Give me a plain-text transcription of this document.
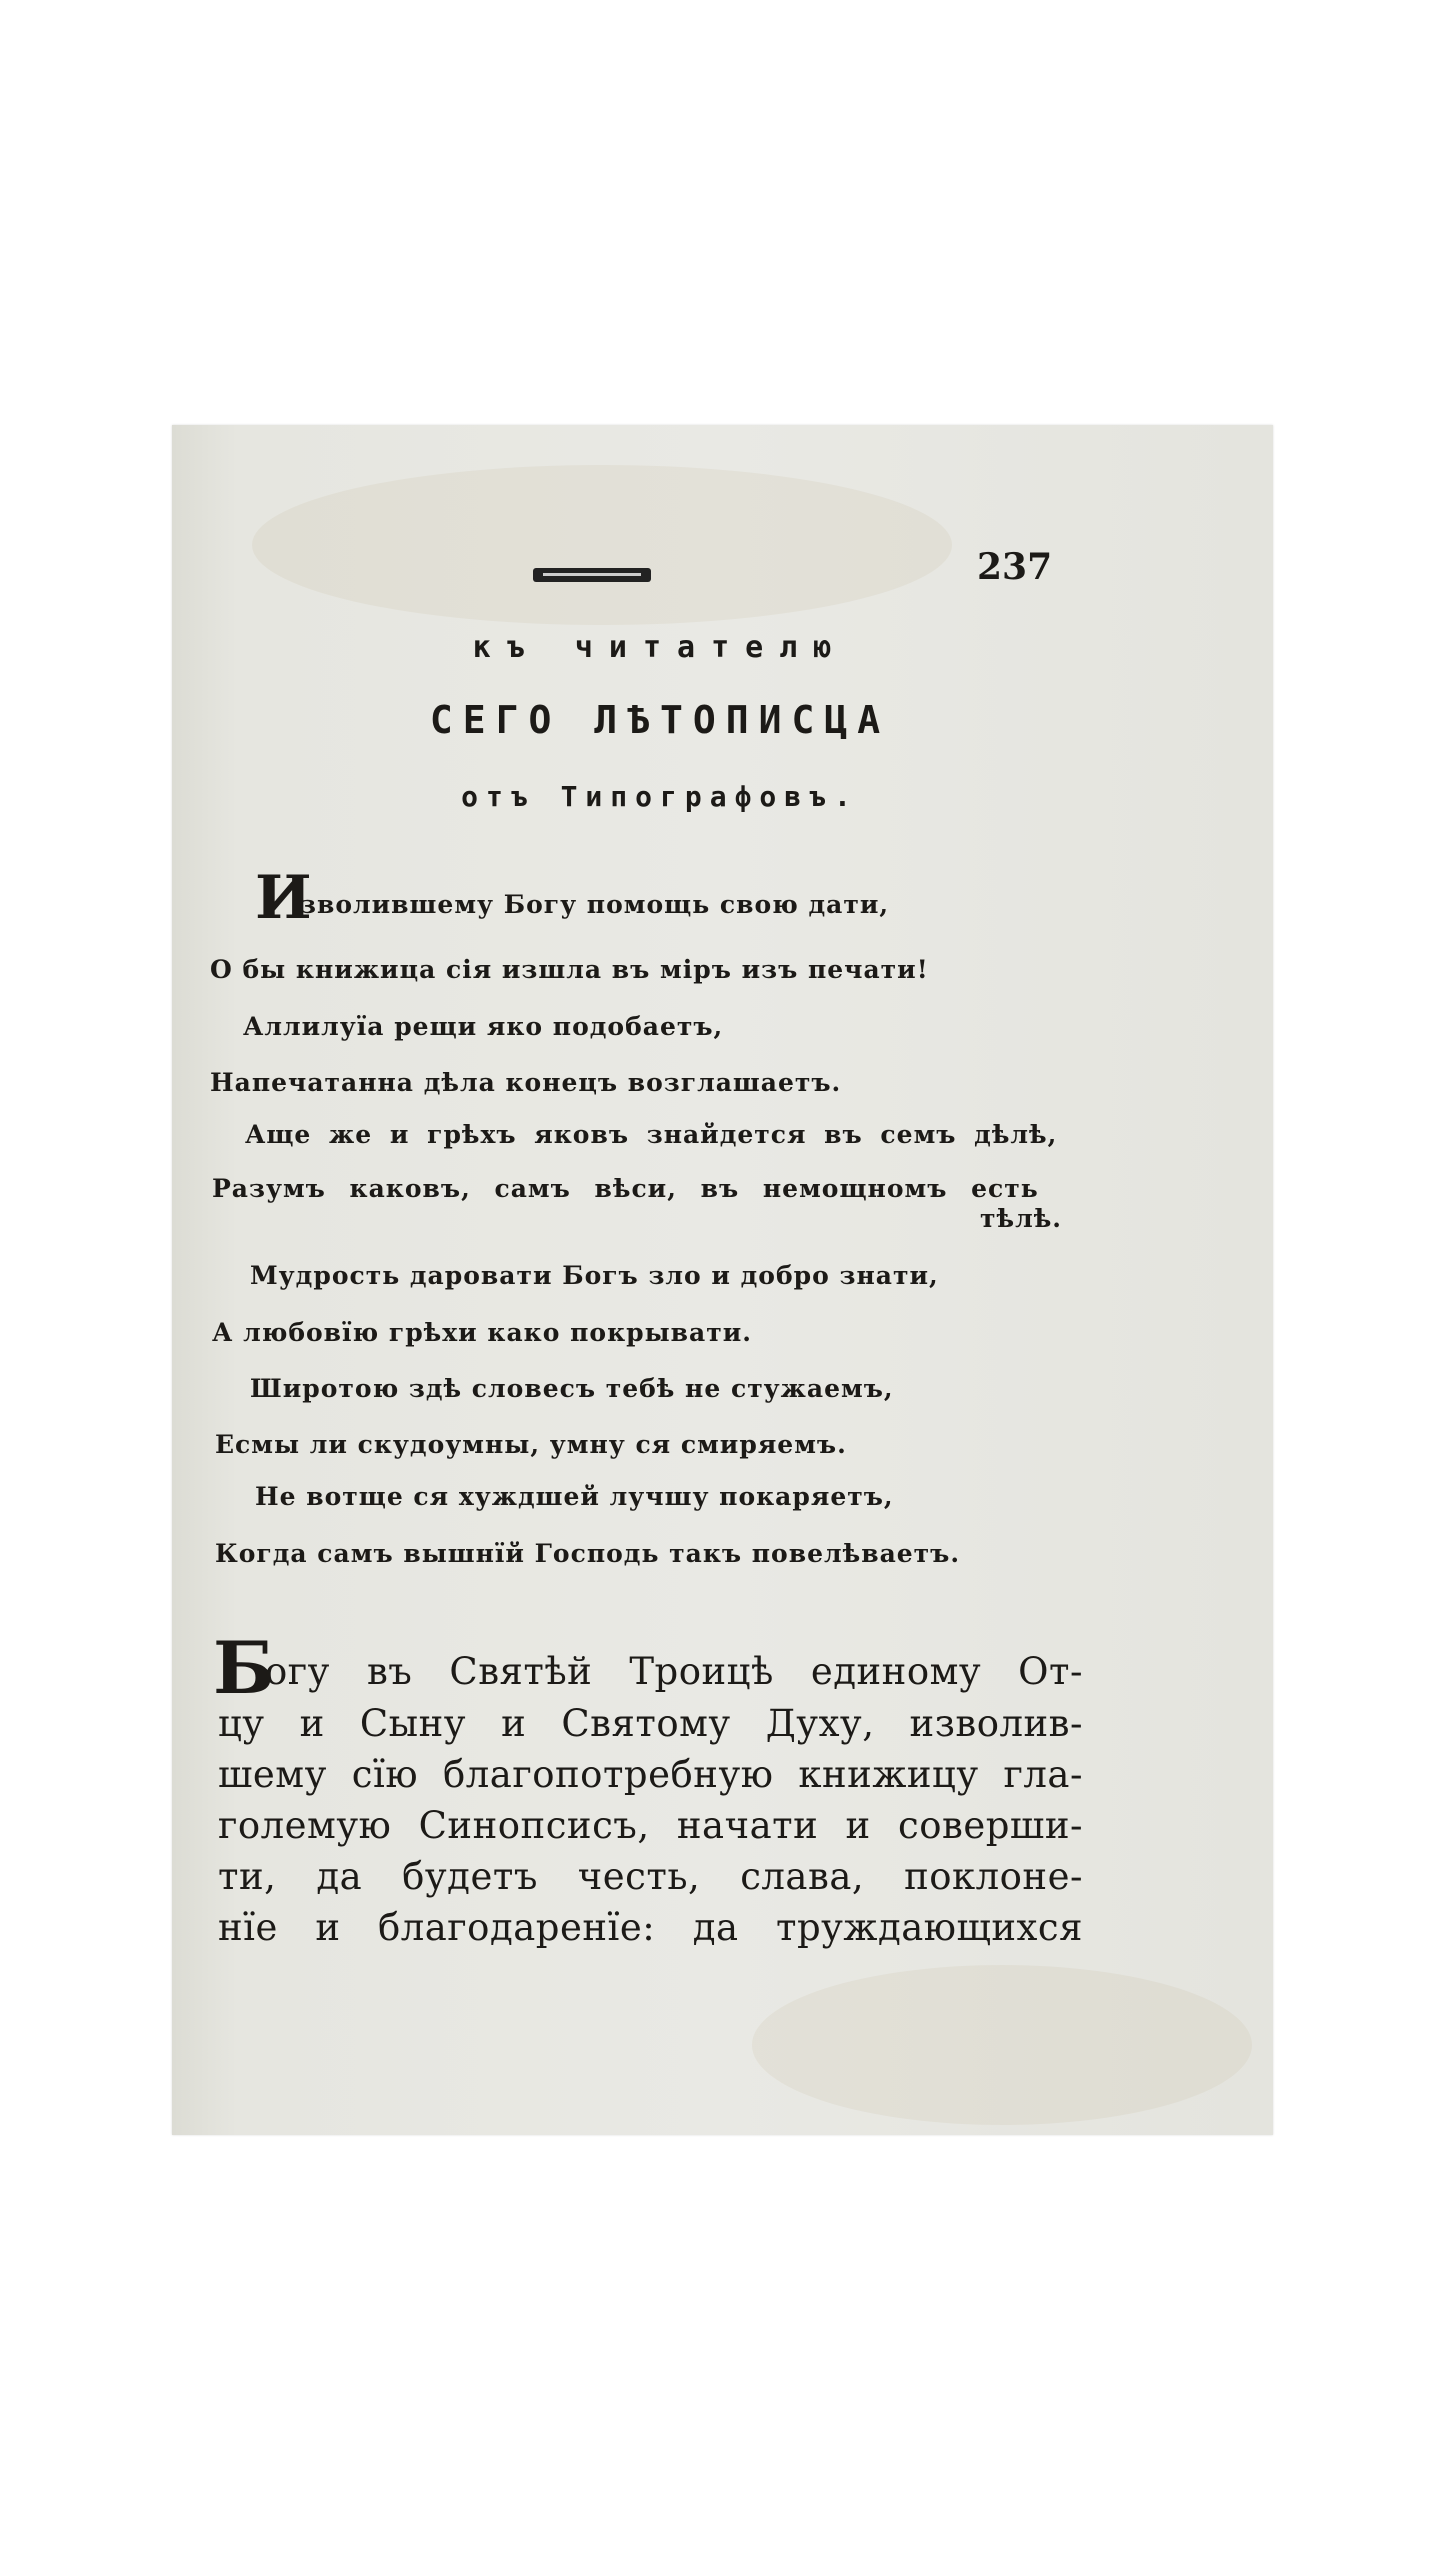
237
къ читателю
СЕГО ЛѢТОПИСЦА
отъ Типографовъ.
И
зволившему Богу помощь свою дати,
О бы книжица сія изшла въ міръ изъ печати!
Аллилуїа рещи яко подобаетъ,
Напечатанна дѣла конецъ возглашаетъ.
Аще же и грѣхъ яковъ знайдется въ семъ дѣлѣ,
Разумъ каковъ, самъ вѣси, въ немощномъ есть
тѣлѣ.
Мудрость даровати Богъ зло и добро знати,
А любовїю грѣхи како покрывати.
Широтою здѣ словесъ тебѣ не стужаемъ,
Есмы ли скудоумны, умну ся смиряемъ.
Не вотще ся хуждшей лучшу покаряетъ,
Когда самъ вышнїй Господь такъ повелѣваетъ.
Б
огу въ Святѣй Троицѣ единому От-
цу и Сыну и Святому Духу, изволив-
шему сїю благопотребную книжицу гла-
големую Синопсисъ, начати и соверши-
ти, да будетъ честь, слава, поклоне-
нїе и благодаренїе: да труждающихся
